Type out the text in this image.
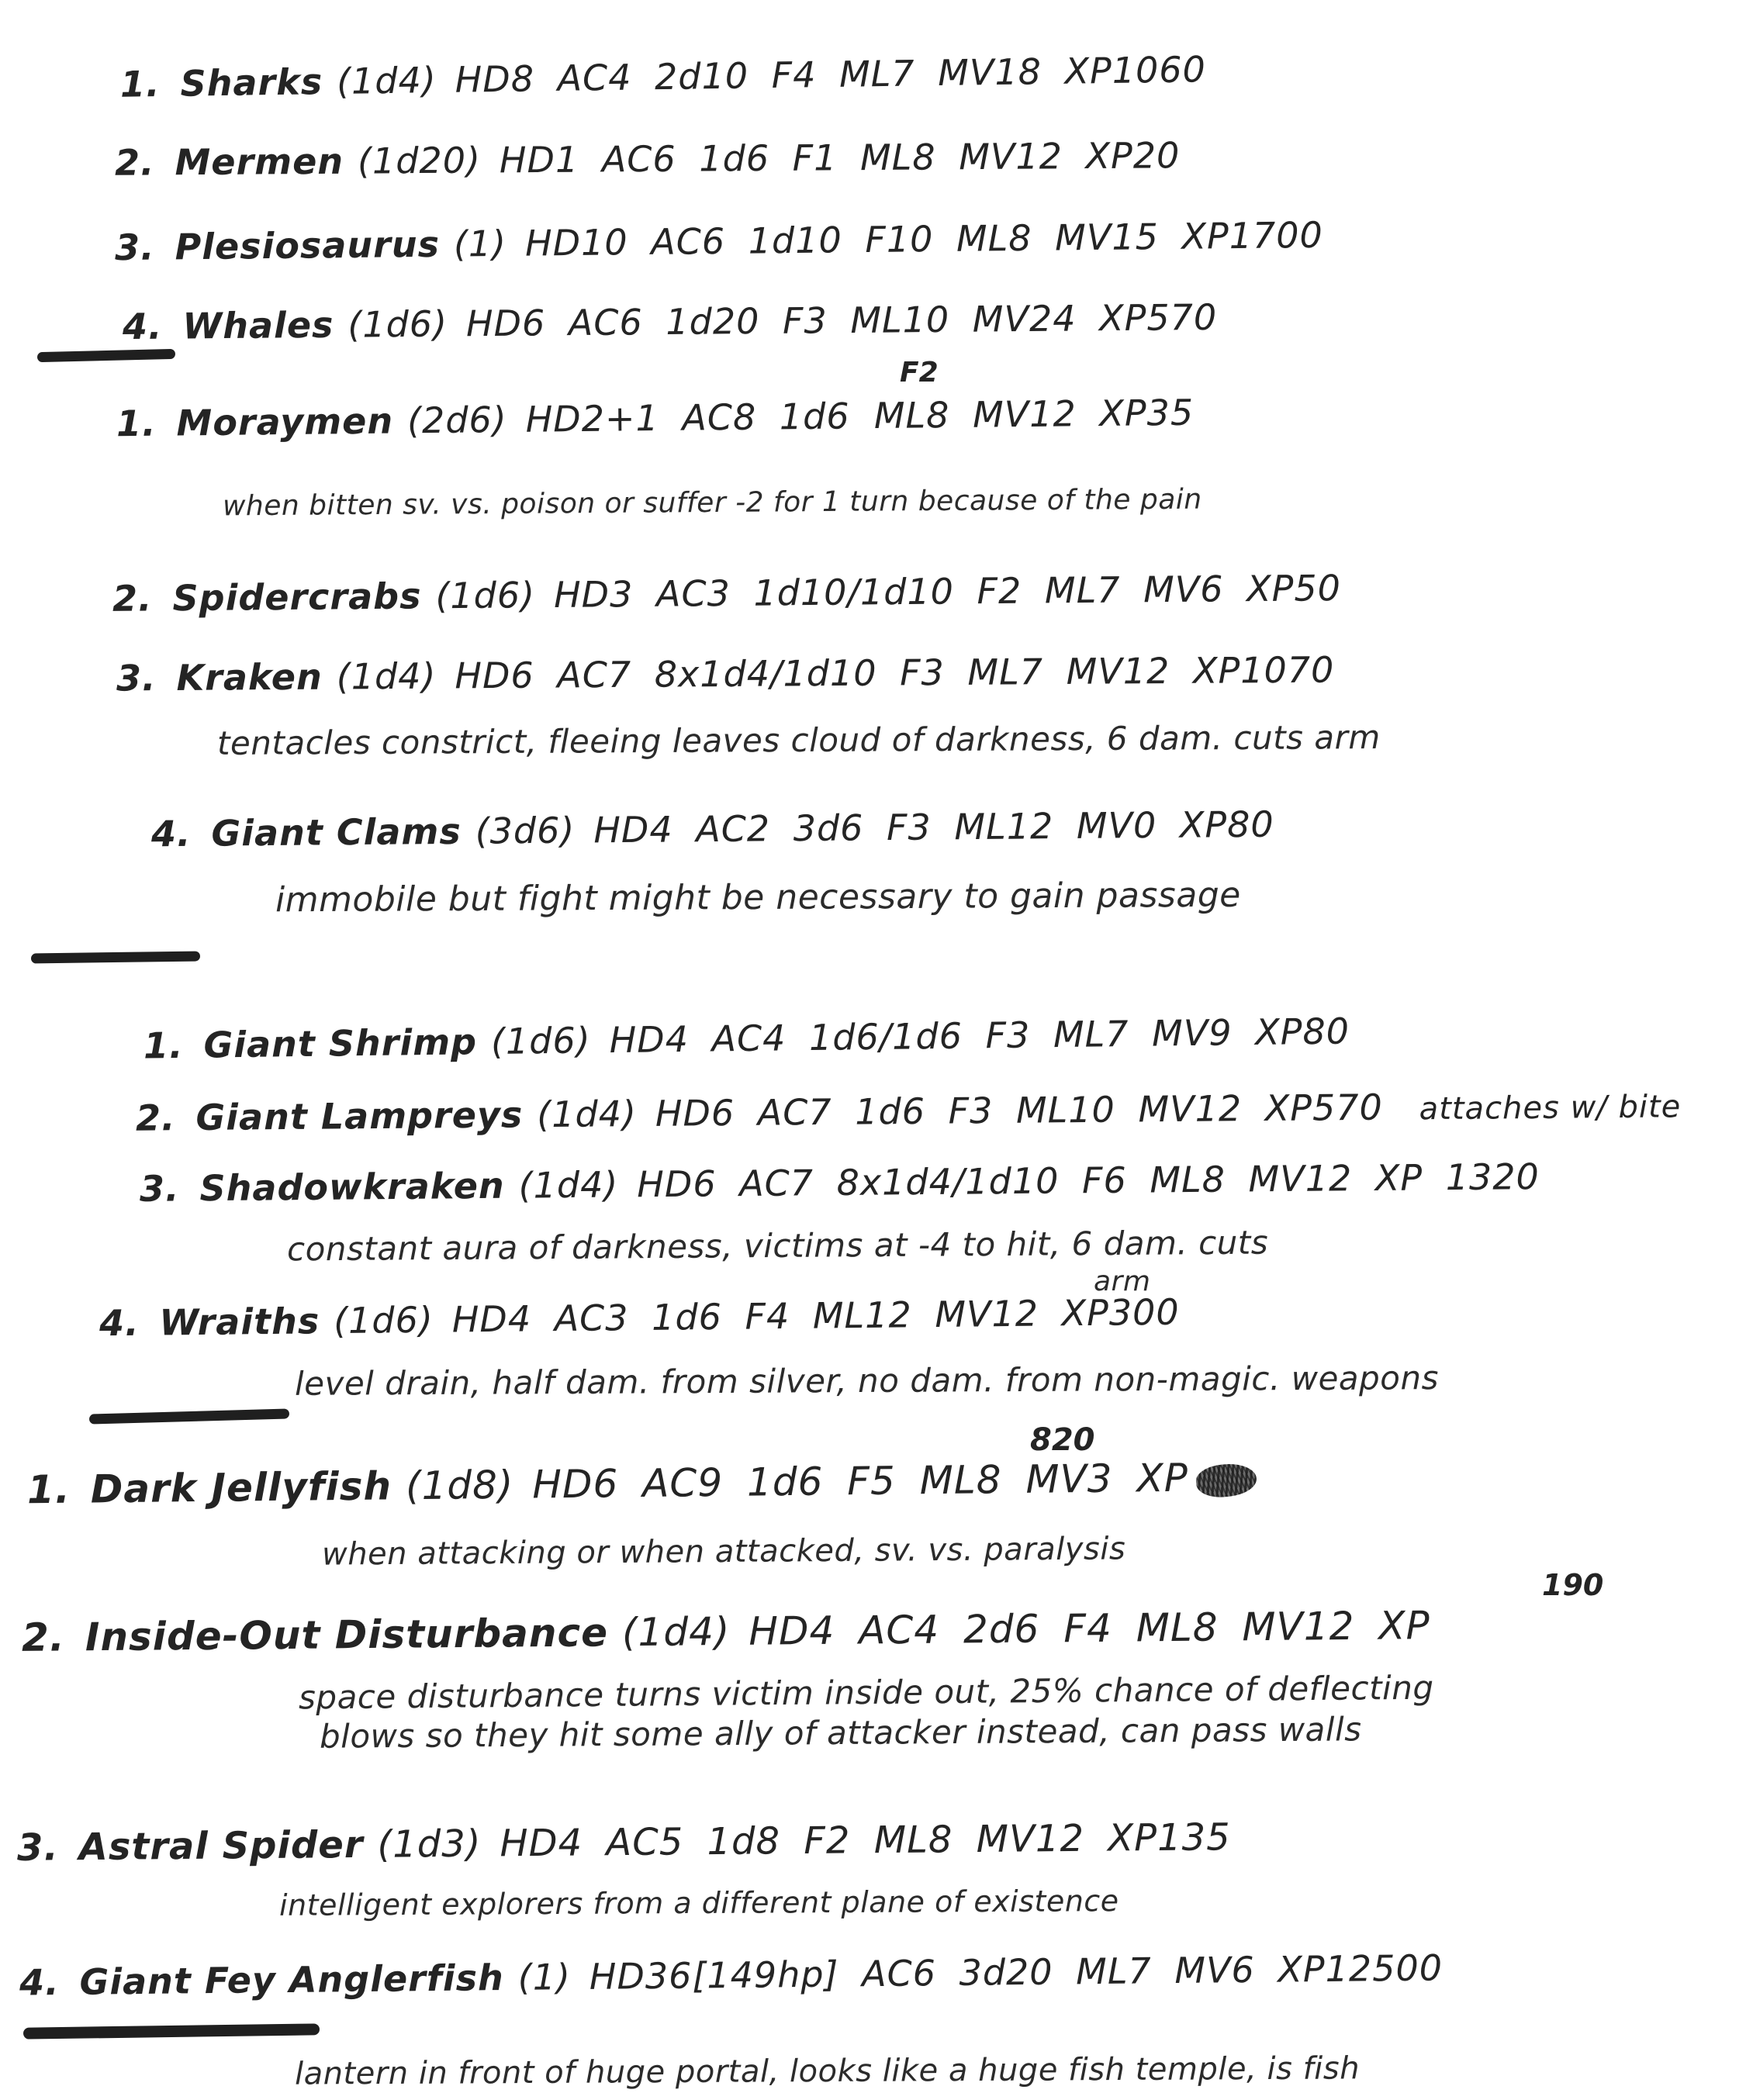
1. Sharks (1d4) HD8 AC4 2d10 F4 ML7 MV18 XP1060
2. Mermen (1d20) HD1 AC6 1d6 F1 ML8 MV12 XP20
3. Plesiosaurus (1) HD10 AC6 1d10 F10 ML8 MV15 XP1700
4. Whales (1d6) HD6 AC6 1d20 F3 ML10 MV24 XP570
1. Moraymen (2d6) HD2+1 AC8 1d6 ML8 MV12 XP35
F2
when bitten sv. vs. poison or suffer -2 for 1 turn because of the pain
2. Spidercrabs (1d6) HD3 AC3 1d10/1d10 F2 ML7 MV6 XP50
3. Kraken (1d4) HD6 AC7 8x1d4/1d10 F3 ML7 MV12 XP1070
tentacles constrict, fleeing leaves cloud of darkness, 6 dam. cuts arm
4. Giant Clams (3d6) HD4 AC2 3d6 F3 ML12 MV0 XP80
immobile but fight might be necessary to gain passage
1. Giant Shrimp (1d6) HD4 AC4 1d6/1d6 F3 ML7 MV9 XP80
2. Giant Lampreys (1d4) HD6 AC7 1d6 F3 ML10 MV12 XP570 attaches w/ bite
3. Shadowkraken (1d4) HD6 AC7 8x1d4/1d10 F6 ML8 MV12 XP 1320
constant aura of darkness, victims at -4 to hit, 6 dam. cuts
arm
4. Wraiths (1d6) HD4 AC3 1d6 F4 ML12 MV12 XP300
level drain, half dam. from silver, no dam. from non-magic. weapons
1. Dark Jellyfish (1d8) HD6 AC9 1d6 F5 ML8 MV3 XP
820
when attacking or when attacked, sv. vs. paralysis
2. Inside-Out Disturbance (1d4) HD4 AC4 2d6 F4 ML8 MV12 XP
190
space disturbance turns victim inside out, 25% chance of deflecting
blows so they hit some ally of attacker instead, can pass walls
3. Astral Spider (1d3) HD4 AC5 1d8 F2 ML8 MV12 XP135
intelligent explorers from a different plane of existence
4. Giant Fey Anglerfish (1) HD36[149hp] AC6 3d20 ML7 MV6 XP12500
lantern in front of huge portal, looks like a huge fish temple, is fish
